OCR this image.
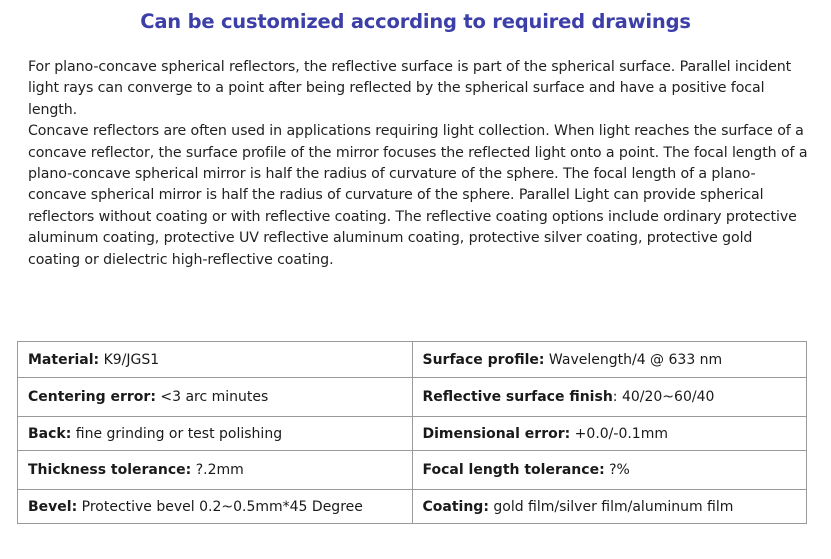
Can be customized according to required drawings

For plano-concave spherical reflectors, the reflective surface is part of the spherical surface. Parallel incident light rays can converge to a point after being reflected by the spherical surface and have a positive focal length.

Concave reflectors are often used in applications requiring light collection. When light reaches the surface of a concave reflector, the surface profile of the mirror focuses the reflected light onto a point. The focal length of a plano-concave spherical mirror is half the radius of curvature of the sphere. The focal length of a plano-concave spherical mirror is half the radius of curvature of the sphere. Parallel Light can provide spherical reflectors without coating or with reflective coating. The reflective coating options include ordinary protective aluminum coating, protective UV reflective aluminum coating, protective silver coating, protective gold coating or dielectric high-reflective coating.

Material: K9/JGS1	Surface profile: Wavelength/4 @ 633 nm
Centering error: <3 arc minutes	Reflective surface finish: 40/20~60/40
Back: fine grinding or test polishing	Dimensional error: +0.0/-0.1mm
Thickness tolerance: ?.2mm	Focal length tolerance: ?%
Bevel: Protective bevel 0.2~0.5mm*45 Degree	Coating: gold film/silver film/aluminum film
